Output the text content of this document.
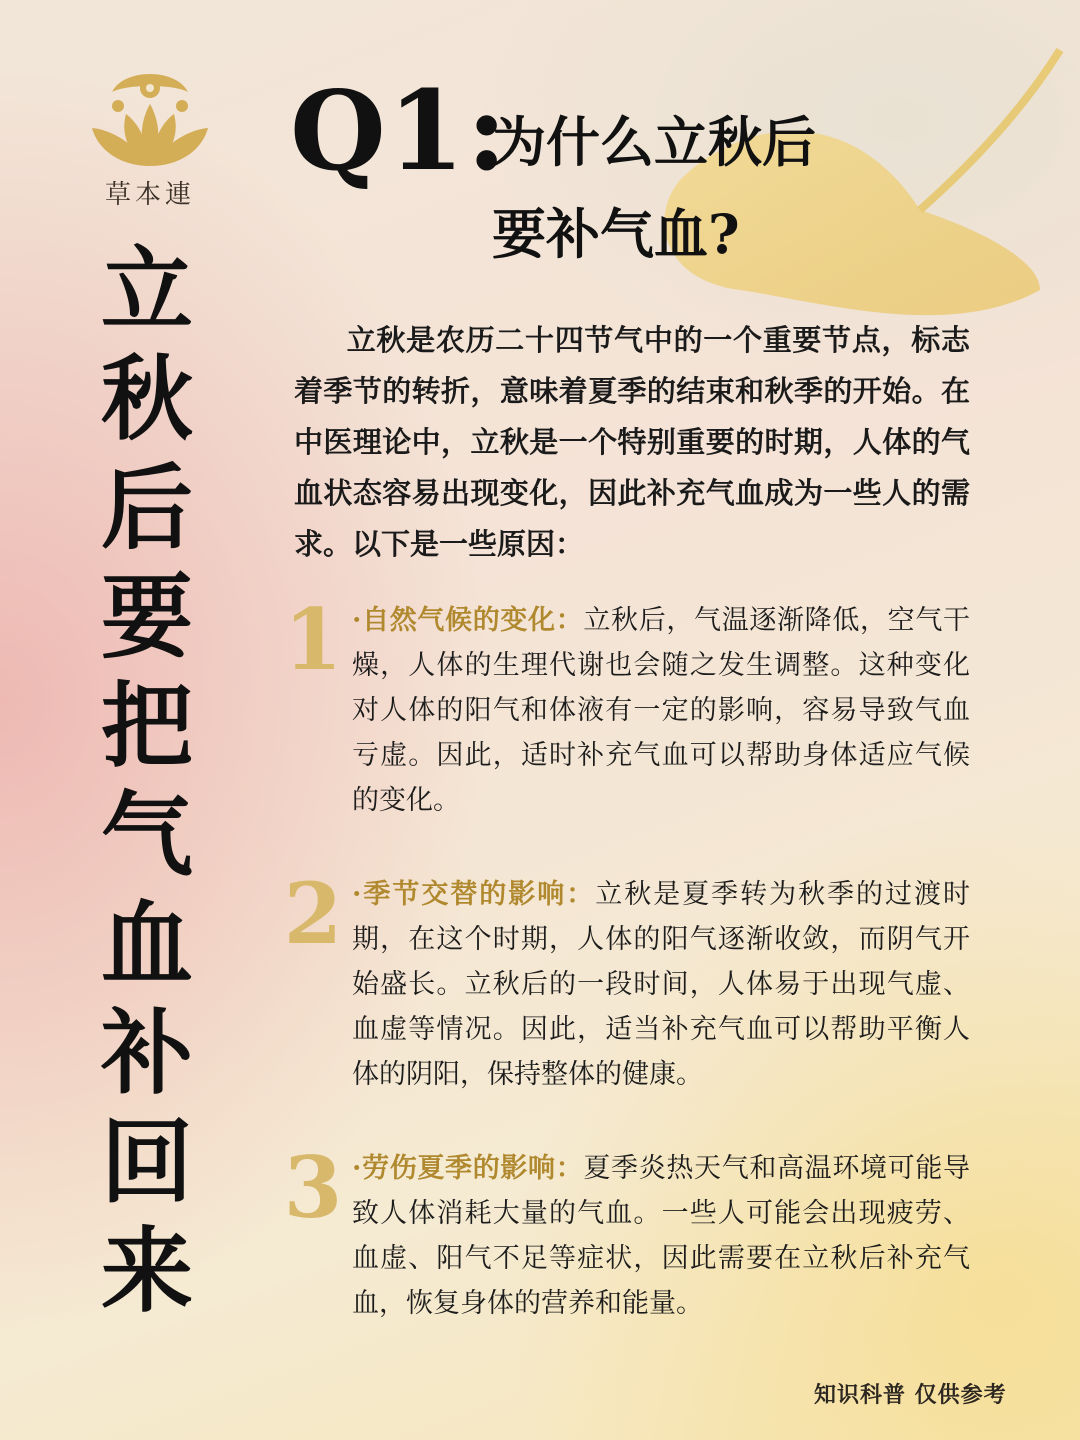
草本連
立秋后 要把气血补回来
Q1:
为什么立秋后
要补气血?

立秋是农历二十四节气中的一个重要节点，标志着季节的转折，意味着夏季的结束和秋季的开始。在中医理论中，立秋是一个特别重要的时期，人体的气血状态容易出现变化，因此补充气血成为一些人的需求。以下是一些原因：

1 ·自然气候的变化：立秋后，气温逐渐降低，空气干燥，人体的生理代谢也会随之发生调整。这种变化对人体的阳气和体液有一定的影响，容易导致气血亏虚。因此，适时补充气血可以帮助身体适应气候的变化。
2 ·季节交替的影响：立秋是夏季转为秋季的过渡时期，在这个时期，人体的阳气逐渐收敛，而阴气开始盛长。立秋后的一段时间，人体易于出现气虚、血虚等情况。因此，适当补充气血可以帮助平衡人体的阴阳，保持整体的健康。
3 ·劳伤夏季的影响：夏季炎热天气和高温环境可能导致人体消耗大量的气血。一些人可能会出现疲劳、血虚、阳气不足等症状，因此需要在立秋后补充气血，恢复身体的营养和能量。
知识科普 仅供参考
